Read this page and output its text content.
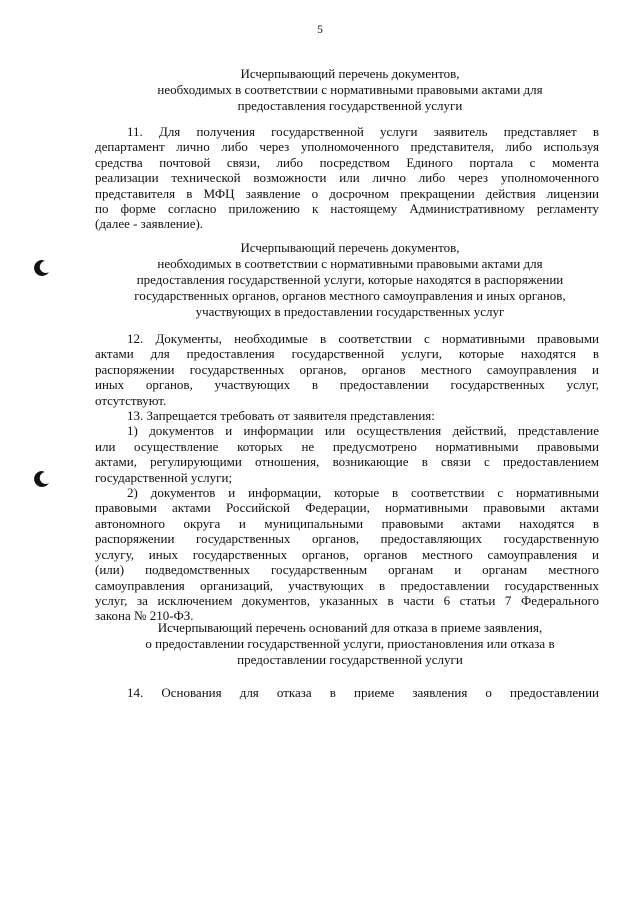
5
Исчерпывающий перечень документов,
необходимых в соответствии с нормативными правовыми актами для
предоставления государственной услуги
11. Для получения государственной услуги заявитель представляет в
департамент лично либо через уполномоченного представителя, либо используя
средства почтовой связи, либо посредством Единого портала с момента
реализации технической возможности или лично либо через уполномоченного
представителя в МФЦ заявление о досрочном прекращении действия лицензии
по форме согласно приложению к настоящему Административному регламенту
(далее - заявление).
Исчерпывающий перечень документов,
необходимых в соответствии с нормативными правовыми актами для
предоставления государственной услуги, которые находятся в распоряжении
государственных органов, органов местного самоуправления и иных органов,
участвующих в предоставлении государственных услуг
12. Документы, необходимые в соответствии с нормативными правовыми
актами для предоставления государственной услуги, которые находятся в
распоряжении государственных органов, органов местного самоуправления и
иных органов, участвующих в предоставлении государственных услуг,
отсутствуют.
13. Запрещается требовать от заявителя представления:
1) документов и информации или осуществления действий, представление
или осуществление которых не предусмотрено нормативными правовыми
актами, регулирующими отношения, возникающие в связи с предоставлением
государственной услуги;
2) документов и информации, которые в соответствии с нормативными
правовыми актами Российской Федерации, нормативными правовыми актами
автономного округа и муниципальными правовыми актами находятся в
распоряжении государственных органов, предоставляющих государственную
услугу, иных государственных органов, органов местного самоуправления и
(или) подведомственных государственным органам и органам местного
самоуправления организаций, участвующих в предоставлении государственных
услуг, за исключением документов, указанных в части 6 статьи 7 Федерального
закона № 210-ФЗ.
Исчерпывающий перечень оснований для отказа в приеме заявления,
о предоставлении государственной услуги, приостановления или отказа в
предоставлении государственной услуги
14. Основания для отказа в приеме заявления о предоставлении
